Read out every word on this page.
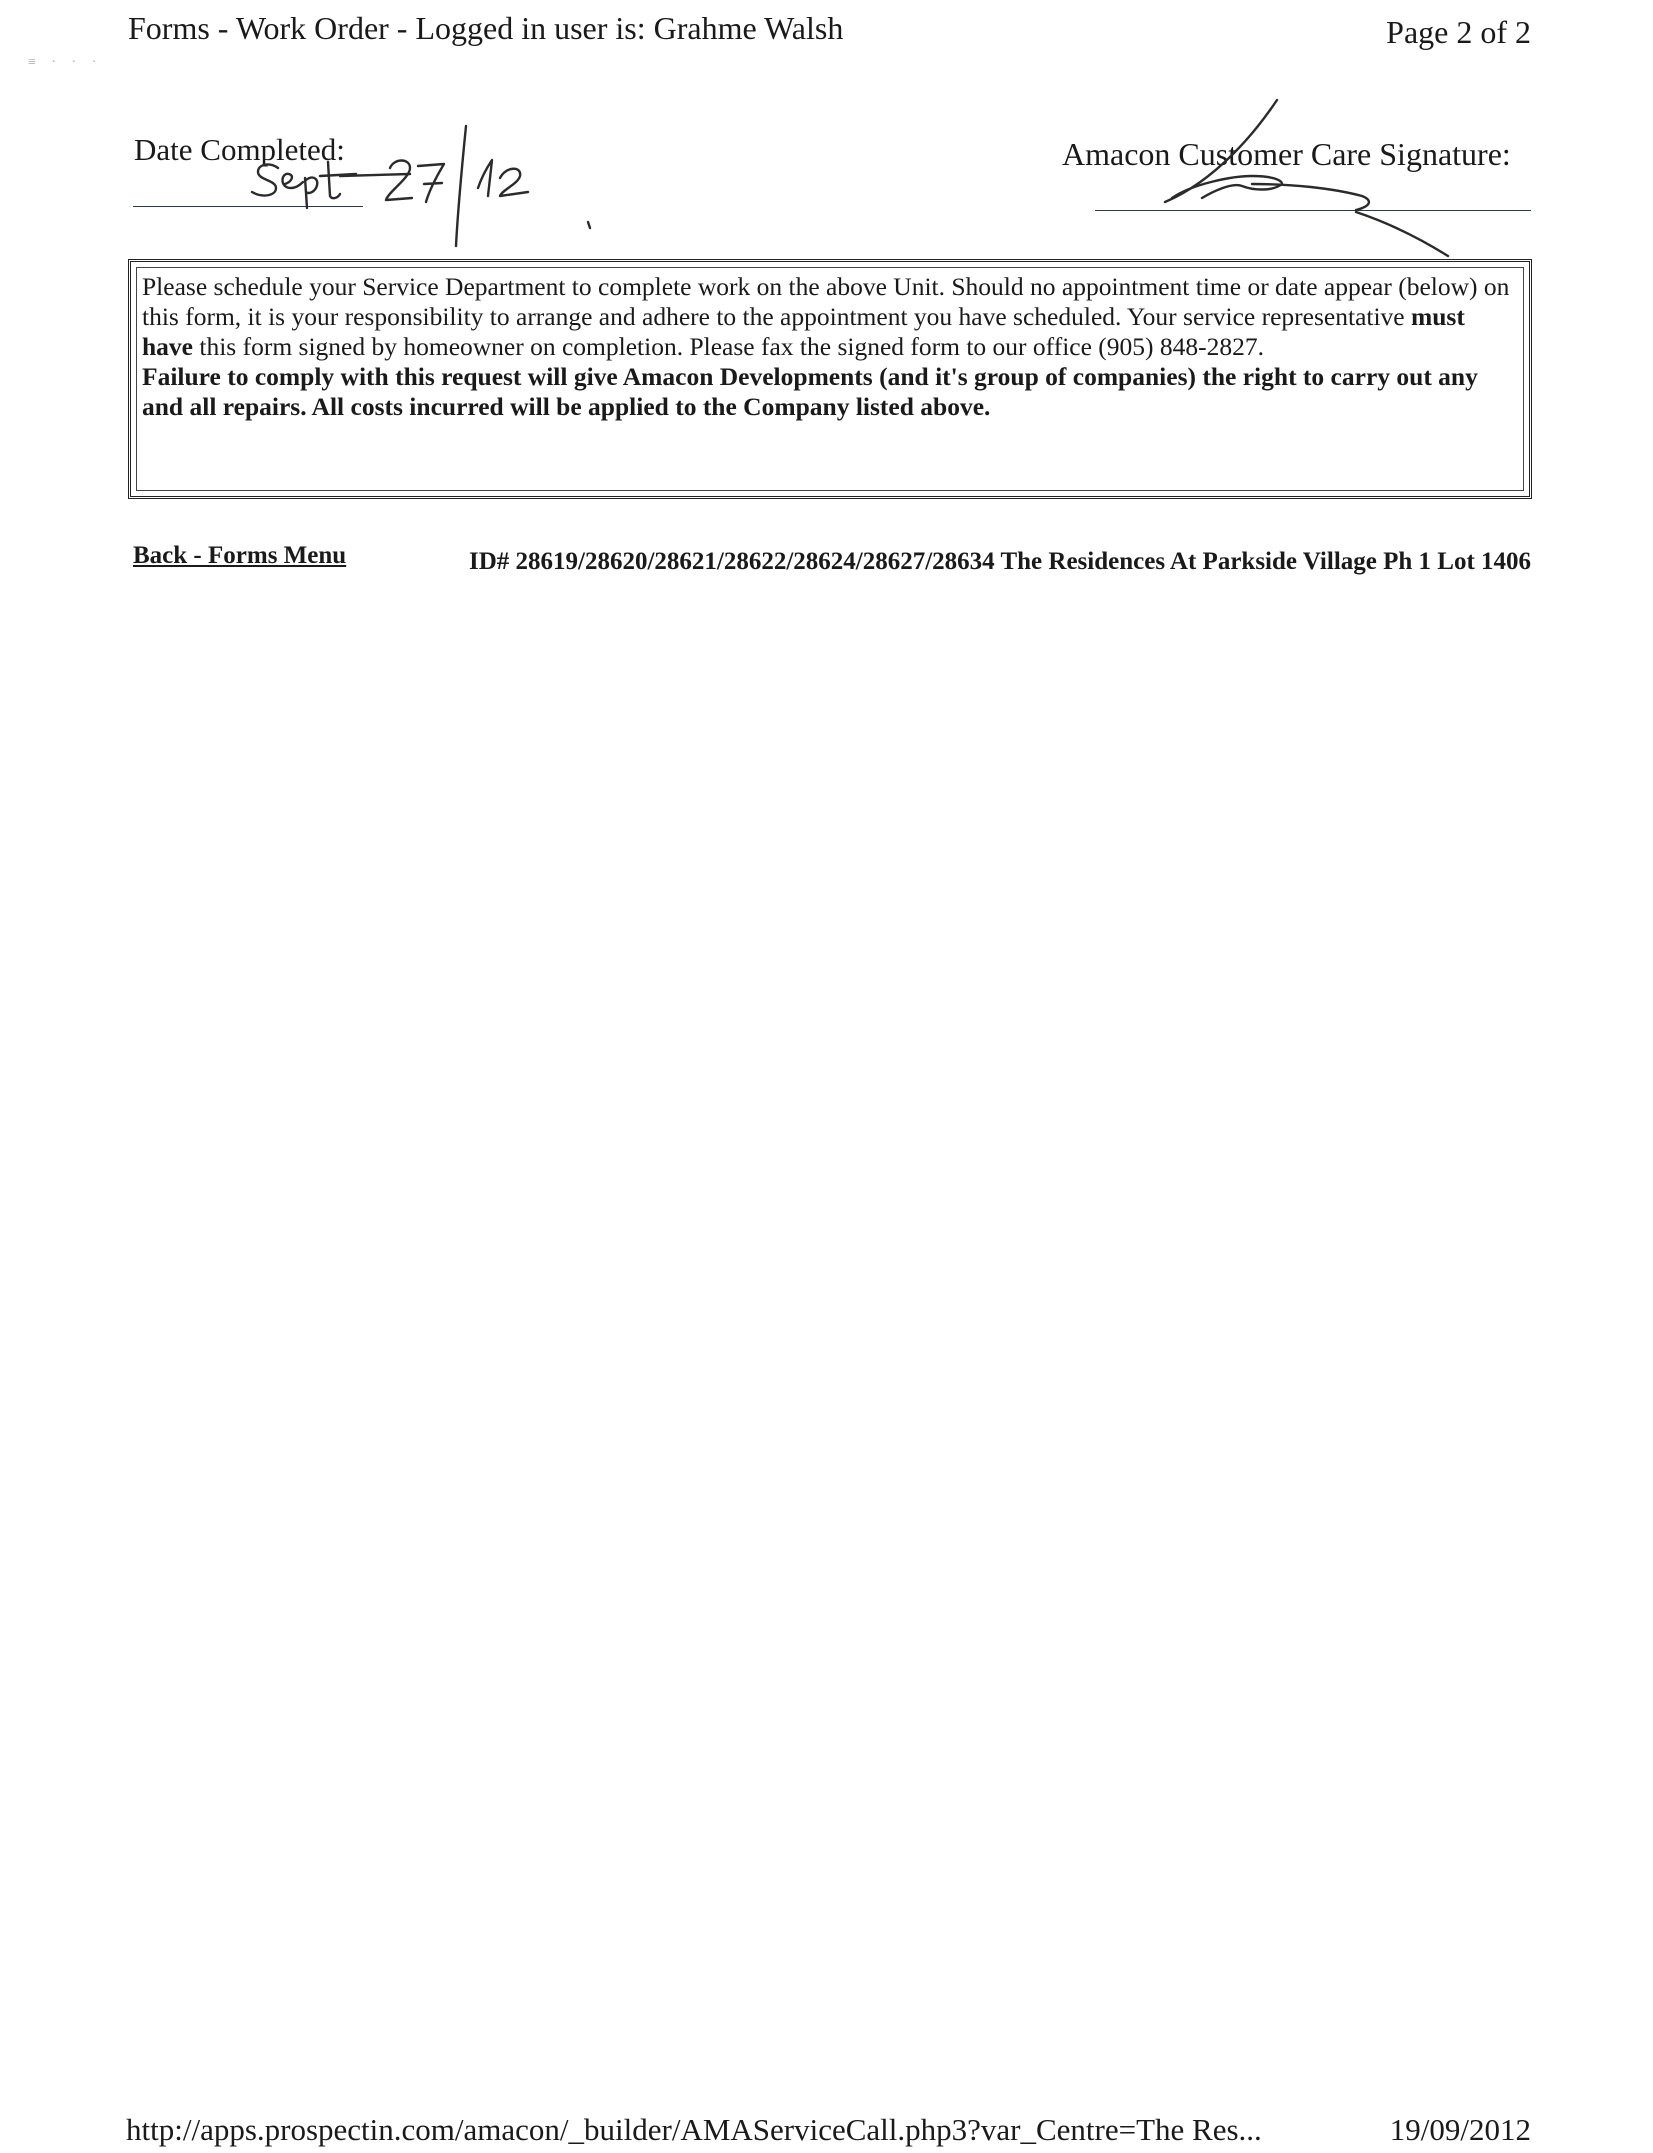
≡ · · ·
Forms - Work Order - Logged in user is: Grahme Walsh	Page 2 of 2
Date Completed:	Amacon Customer Care Signature:
Please schedule your Service Department to complete work on the above Unit. Should no appointment time or date appear (below) on this form, it is your responsibility to arrange and adhere to the appointment you have scheduled. Your service representative must have this form signed by homeowner on completion. Please fax the signed form to our office (905) 848-2827.
Failure to comply with this request will give Amacon Developments (and it's group of companies) the right to carry out any and all repairs. All costs incurred will be applied to the Company listed above.
Back - Forms Menu	ID# 28619/28620/28621/28622/28624/28627/28634 The Residences At Parkside Village Ph 1 Lot 1406
http://apps.prospectin.com/amacon/_builder/AMAServiceCall.php3?var_Centre=The Res...	19/09/2012
